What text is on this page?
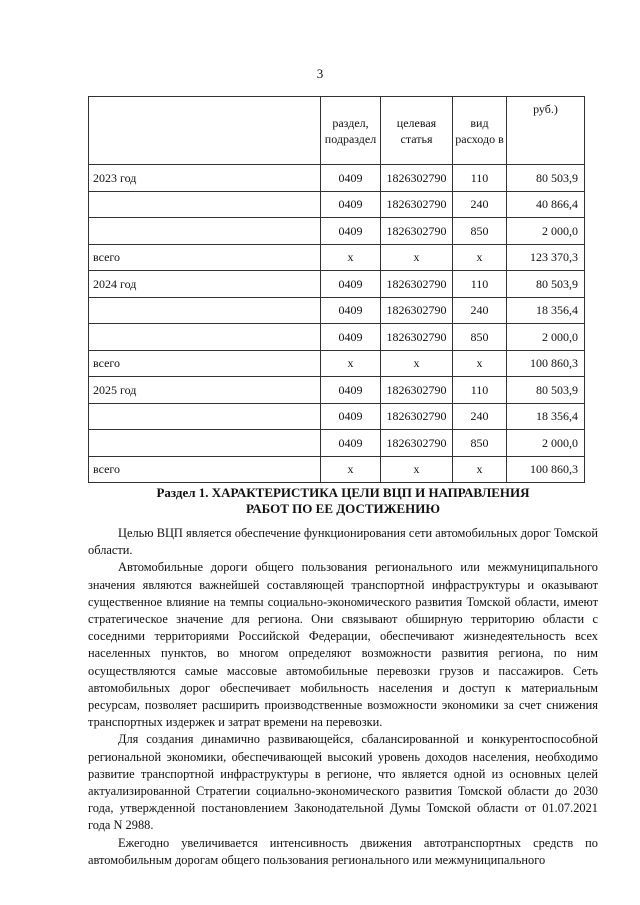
3
	раздел, подраздел	целевая статья	вид расходо в	руб.)
2023 год	0409	1826302790	110	80 503,9
	0409	1826302790	240	40 866,4
	0409	1826302790	850	2 000,0
всего	x	x	x	123 370,3
2024 год	0409	1826302790	110	80 503,9
	0409	1826302790	240	18 356,4
	0409	1826302790	850	2 000,0
всего	x	x	x	100 860,3
2025 год	0409	1826302790	110	80 503,9
	0409	1826302790	240	18 356,4
	0409	1826302790	850	2 000,0
всего	x	x	x	100 860,3
Раздел 1. ХАРАКТЕРИСТИКА ЦЕЛИ ВЦП И НАПРАВЛЕНИЯ
РАБОТ ПО ЕЕ ДОСТИЖЕНИЮ

Целью ВЦП является обеспечение функционирования сети автомобильных дорог Томской области.

Автомобильные дороги общего пользования регионального или межмуниципального значения являются важнейшей составляющей транспортной инфраструктуры и оказывают существенное влияние на темпы социально-экономического развития Томской области, имеют стратегическое значение для региона. Они связывают обширную территорию области с соседними территориями Российской Федерации, обеспечивают жизнедеятельность всех населенных пунктов, во многом определяют возможности развития региона, по ним осуществляются самые массовые автомобильные перевозки грузов и пассажиров. Сеть автомобильных дорог обеспечивает мобильность населения и доступ к материальным ресурсам, позволяет расширить производственные возможности экономики за счет снижения транспортных издержек и затрат времени на перевозки.

Для создания динамично развивающейся, сбалансированной и конкурентоспособной региональной экономики, обеспечивающей высокий уровень доходов населения, необходимо развитие транспортной инфраструктуры в регионе, что является одной из основных целей актуализированной Стратегии социально-экономического развития Томской области до 2030 года, утвержденной постановлением Законодательной Думы Томской области от 01.07.2021 года N 2988.

Ежегодно увеличивается интенсивность движения автотранспортных средств по автомобильным дорогам общего пользования регионального или межмуниципального
